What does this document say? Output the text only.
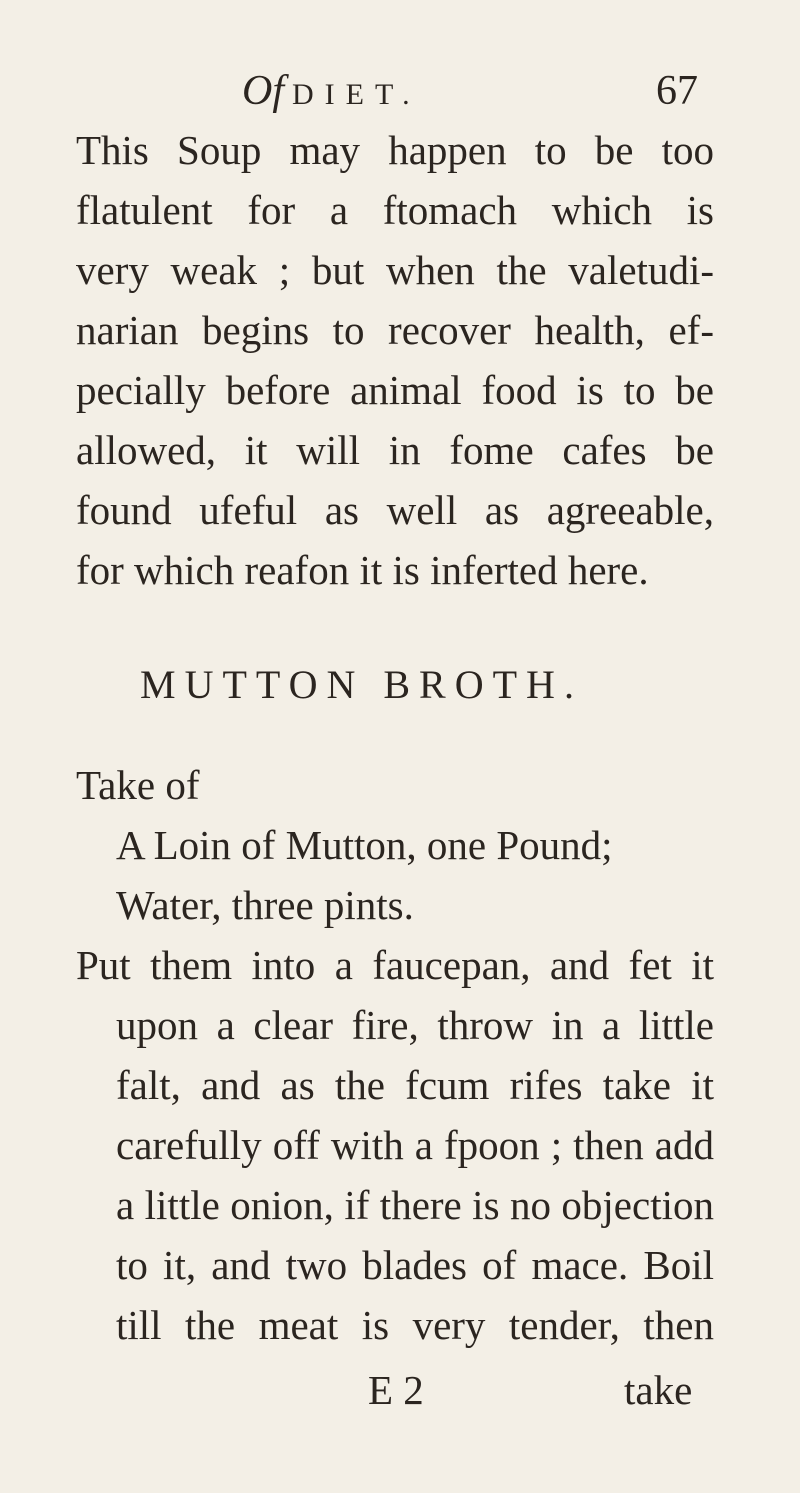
Of DIET.	67
This Soup may happen to be too
flatulent for a ftomach which is
very weak ; but when the valetudi-
narian begins to recover health, ef-
pecially before animal food is to be
allowed, it will in fome cafes be
found ufeful as well as agreeable,
for which reafon it is inferted here.
MUTTON BROTH.
Take of
A Loin of Mutton, one Pound;
Water, three pints.
Put them into a faucepan, and fet it
upon a clear fire, throw in a little
falt, and as the fcum rifes take it
carefully off with a fpoon ; then add
a little onion, if there is no objection
to it, and two blades of mace. Boil
till the meat is very tender, then
E 2	take
